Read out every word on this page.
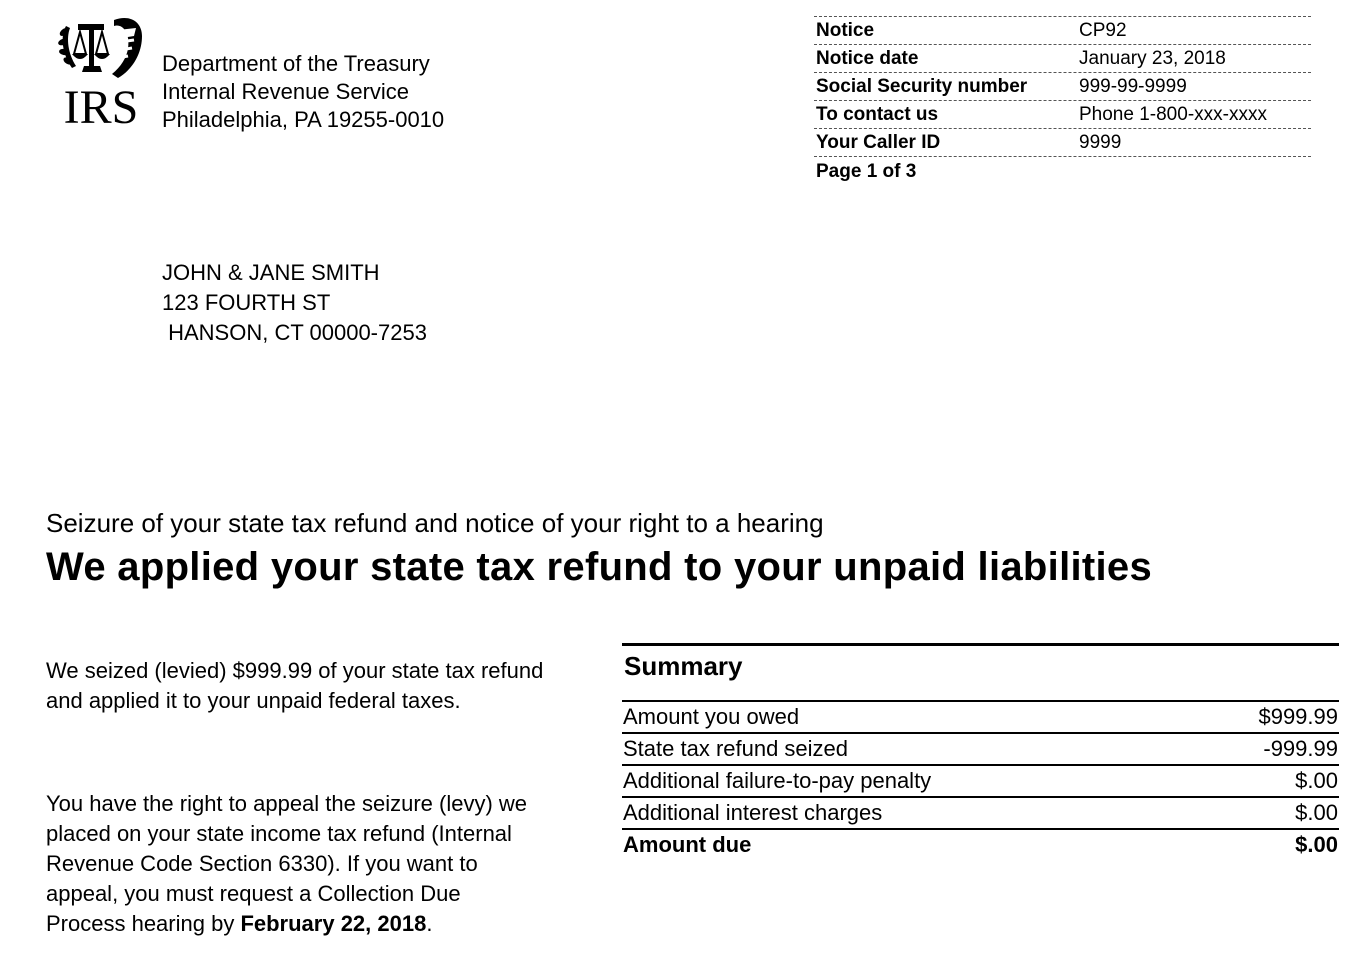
IRS
Department of the Treasury
Internal Revenue Service
Philadelphia, PA 19255-0010
Notice	CP92
Notice date	January 23, 2018
Social Security number	999-99-9999
To contact us	Phone 1-800-xxx-xxxx
Your Caller ID	9999
Page 1 of 3
JOHN & JANE SMITH
123 FOURTH ST
HANSON, CT 00000-7253
Seizure of your state tax refund and notice of your right to a hearing
We applied your state tax refund to your unpaid liabilities
We seized (levied) $999.99 of your state tax refund and applied it to your unpaid federal taxes.
You have the right to appeal the seizure (levy) we placed on your state income tax refund (Internal Revenue Code Section 6330). If you want to appeal, you must request a Collection Due Process hearing by February 22, 2018.
Summary
Amount you owed	$999.99
State tax refund seized	-999.99
Additional failure-to-pay penalty	$.00
Additional interest charges	$.00
Amount due	$.00
